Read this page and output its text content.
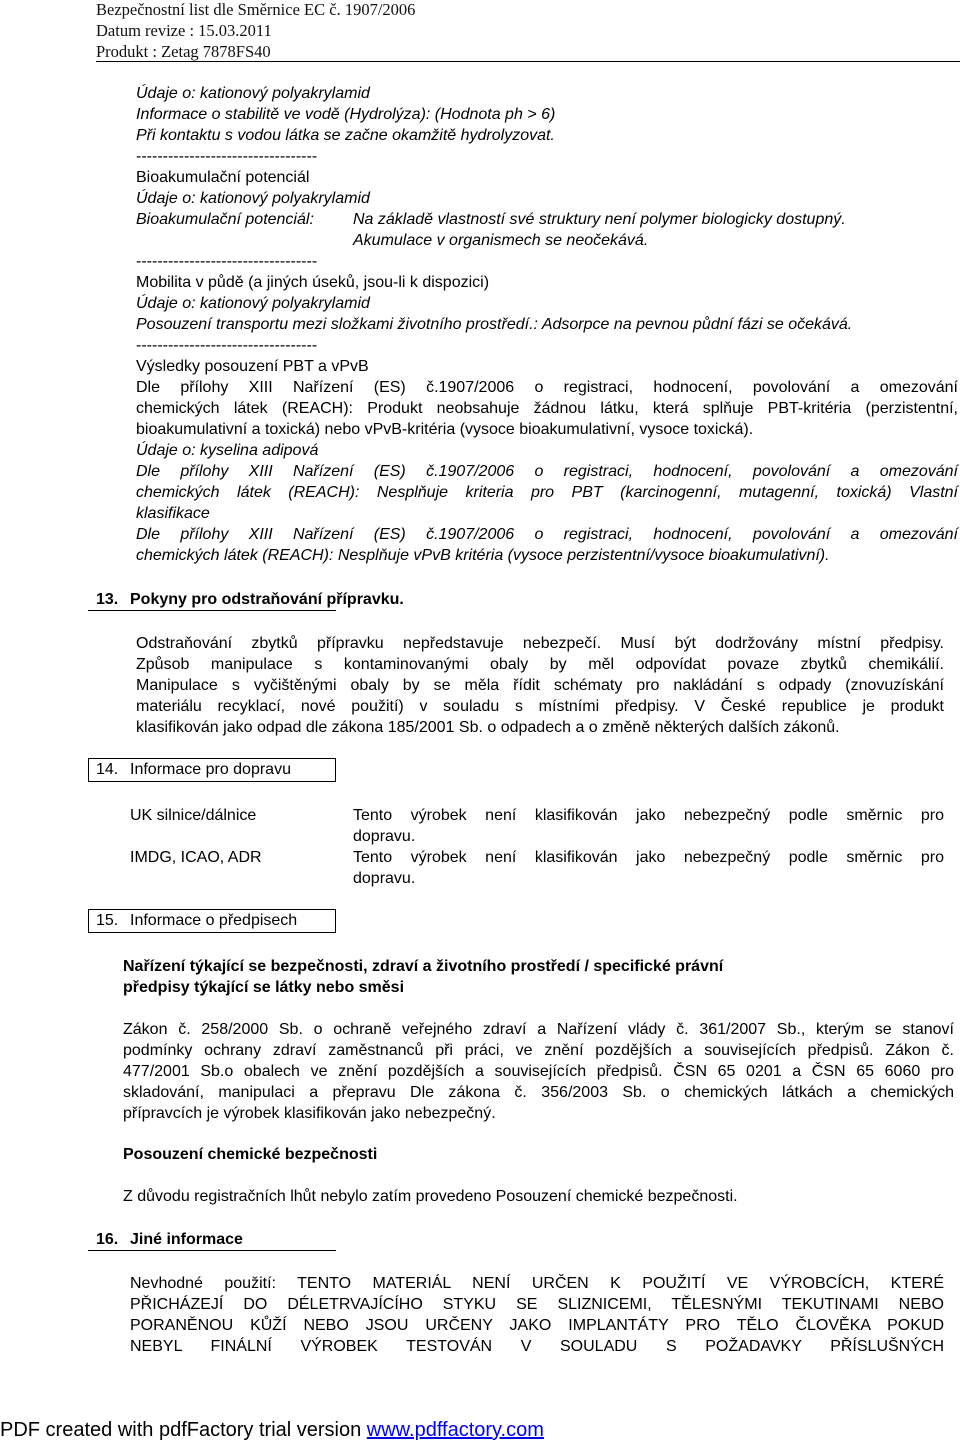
Bezpečnostní list dle Směrnice EC č. 1907/2006
Datum revize : 15.03.2011
Produkt : Zetag 7878FS40
Údaje o: kationový polyakrylamid
Informace o stabilitě ve vodě (Hydrolýza): (Hodnota ph > 6)
Při kontaktu s vodou látka se začne okamžitě hydrolyzovat.
----------------------------------
Bioakumulační potenciál
Údaje o: kationový polyakrylamid
Bioakumulační potenciál: Na základě vlastností své struktury není polymer biologicky dostupný.
Akumulace v organismech se neočekává.
----------------------------------
Mobilita v půdě (a jiných úseků, jsou-li k dispozici)
Údaje o: kationový polyakrylamid
Posouzení transportu mezi složkami životního prostředí.: Adsorpce na pevnou půdní fázi se očekává.
----------------------------------
Výsledky posouzení PBT a vPvB
Dle přílohy XIII Nařízení (ES) č.1907/2006 o registraci, hodnocení, povolování a omezování
chemických látek (REACH): Produkt neobsahuje žádnou látku, která splňuje PBT-kritéria (perzistentní,
bioakumulativní a toxická) nebo vPvB-kritéria (vysoce bioakumulativní, vysoce toxická).
Údaje o: kyselina adipová
Dle přílohy XIII Nařízení (ES) č.1907/2006 o registraci, hodnocení, povolování a omezování
chemických látek (REACH): Nesplňuje kriteria pro PBT (karcinogenní, mutagenní, toxická) Vlastní
klasifikace
Dle přílohy XIII Nařízení (ES) č.1907/2006 o registraci, hodnocení, povolování a omezování
chemických látek (REACH): Nesplňuje vPvB kritéria (vysoce perzistentní/vysoce bioakumulativní).
13. Pokyny pro odstraňování přípravku.
Odstraňování zbytků přípravku nepředstavuje nebezpečí. Musí být dodržovány místní předpisy.
Způsob manipulace s kontaminovanými obaly by měl odpovídat povaze zbytků chemikálií.
Manipulace s vyčištěnými obaly by se měla řídit schématy pro nakládání s odpady (znovuzískání
materiálu recyklací, nové použití) v souladu s místními předpisy. V České republice je produkt
klasifikován jako odpad dle zákona 185/2001 Sb. o odpadech a o změně některých dalších zákonů.
14. Informace pro dopravu
UK silnice/dálnice	Tento výrobek není klasifikován jako nebezpečný podle směrnic pro
dopravu.
IMDG, ICAO, ADR	Tento výrobek není klasifikován jako nebezpečný podle směrnic pro
dopravu.
15. Informace o předpisech
Nařízení týkající se bezpečnosti, zdraví a životního prostředí / specifické právní
předpisy týkající se látky nebo směsi
Zákon č. 258/2000 Sb. o ochraně veřejného zdraví a Nařízení vlády č. 361/2007 Sb., kterým se stanoví
podmínky ochrany zdraví zaměstnanců při práci, ve znění pozdějších a souvisejících předpisů. Zákon č.
477/2001 Sb.o obalech ve znění pozdějších a souvisejících předpisů. ČSN 65 0201 a ČSN 65 6060 pro
skladování, manipulaci a přepravu Dle zákona č. 356/2003 Sb. o chemických látkách a chemických
přípravcích je výrobek klasifikován jako nebezpečný.
Posouzení chemické bezpečnosti
Z důvodu registračních lhůt nebylo zatím provedeno Posouzení chemické bezpečnosti.
16. Jiné informace
Nevhodné použití: TENTO MATERIÁL NENÍ URČEN K POUŽITÍ VE VÝROBCÍCH, KTERÉ
PŘICHÁZEJÍ DO DÉLETRVAJÍCÍHO STYKU SE SLIZNICEMI, TĚLESNÝMI TEKUTINAMI NEBO
PORANĚNOU KŮŽÍ NEBO JSOU URČENY JAKO IMPLANTÁTY PRO TĚLO ČLOVĚKA POKUD
NEBYL FINÁLNÍ VÝROBEK TESTOVÁN V SOULADU S POŽADAVKY PŘÍSLUŠNÝCH
PDF created with pdfFactory trial version www.pdffactory.com
